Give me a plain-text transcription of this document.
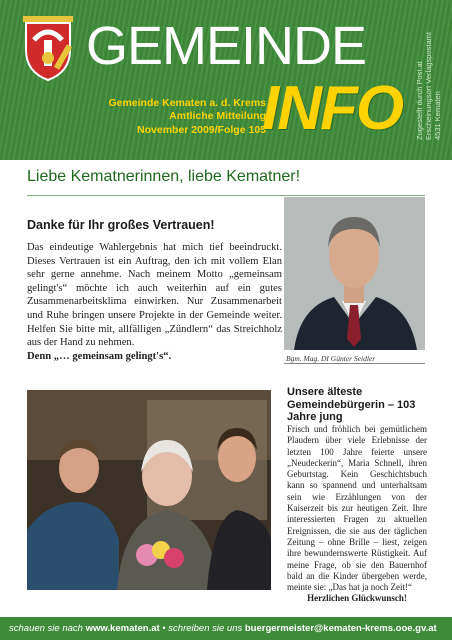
GEMEINDE
Zugestellt durch Post.at
Erscheinungsort Verlagspostamt
4531 Kematen
Gemeinde Kematen a. d. Krems
Amtliche Mitteilung
November 2009/Folge 105
INFO
Liebe Kematnerinnen, liebe Kematner!
Danke für Ihr großes Vertrauen!

Das eindeutige Wahlergebnis hat mich tief beeindruckt. Dieses Vertrauen ist ein Auftrag, den ich mit vollem Elan sehr gerne annehme. Nach meinem Motto „gemeinsam gelingt's“ möchte ich auch weiterhin auf ein gutes Zusammenarbeitsklima einwirken. Nur Zusammenarbeit und Ruhe bringen unsere Projekte in der Gemeinde weiter. Helfen Sie bitte mit, allfälligen „Zündlern“ das Streichholz aus der Hand zu nehmen.

Denn „… gemeinsam gelingt's“.	Bgm. Mag. DI Günter Seidler
Unsere älteste Gemeindebürgerin – 103 Jahre jung

Frisch und fröhlich bei gemütlichem Plaudern über viele Erlebnisse der letzten 100 Jahre feierte unsere „Neudeckerin“, Maria Schnell, ihren Geburtstag. Kein Geschichtsbuch kann so spannend und unterhaltsam sein wie Erzählungen von der Kaiserzeit bis zur heutigen Zeit. Ihre interessierten Fragen zu aktuellen Ereignissen, die sie aus der täglichen Zeitung – ohne Brille – liest, zeigen ihre bewundernswerte Rüstigkeit. Auf meine Frage, ob sie den Bauernhof bald an die Kinder übergeben werde, meinte sie: „Das hat ja noch Zeit!“

Herzlichen Glückwunsch!

schauen sie nach www.kematen.at • schreiben sie uns buergermeister@kematen-krems.ooe.gv.at
